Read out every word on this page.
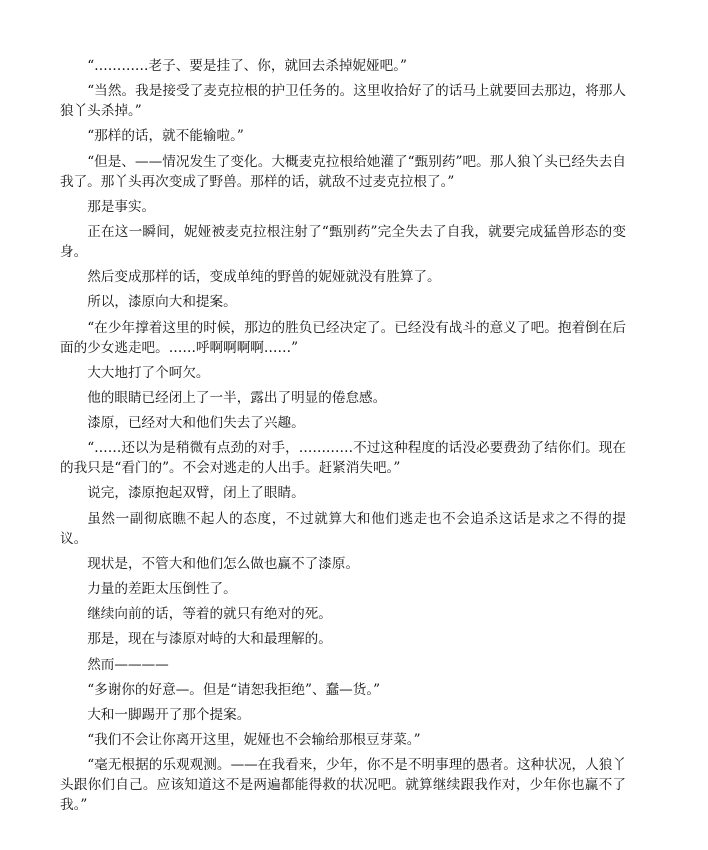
“…………老子、要是挂了、你，就回去杀掉妮娅吧。”

“当然。我是接受了麦克拉根的护卫任务的。这里收拾好了的话马上就要回去那边，将那人狼丫头杀掉。”

“那样的话，就不能输啦。”

“但是、——情况发生了变化。大概麦克拉根给她灌了“甄别药”吧。那人狼丫头已经失去自我了。那丫头再次变成了野兽。那样的话，就敌不过麦克拉根了。”

那是事实。

正在这一瞬间，妮娅被麦克拉根注射了“甄别药”完全失去了自我，就要完成猛兽形态的变身。

然后变成那样的话，变成单纯的野兽的妮娅就没有胜算了。

所以，漆原向大和提案。

“在少年撑着这里的时候，那边的胜负已经决定了。已经没有战斗的意义了吧。抱着倒在后面的少女逃走吧。……呼啊啊啊啊……”

大大地打了个呵欠。

他的眼睛已经闭上了一半，露出了明显的倦怠感。

漆原，已经对大和他们失去了兴趣。

“……还以为是稍微有点劲的对手，…………不过这种程度的话没必要费劲了结你们。现在的我只是“看门的”。不会对逃走的人出手。赶紧消失吧。”

说完，漆原抱起双臂，闭上了眼睛。

虽然一副彻底瞧不起人的态度，不过就算大和他们逃走也不会追杀这话是求之不得的提议。

现状是，不管大和他们怎么做也赢不了漆原。

力量的差距太压倒性了。

继续向前的话，等着的就只有绝对的死。

那是，现在与漆原对峙的大和最理解的。

然而————

“多谢你的好意—。但是“请恕我拒绝”、蠢—货。”

大和一脚踢开了那个提案。

“我们不会让你离开这里，妮娅也不会输给那根豆芽菜。”

“毫无根据的乐观观测。——在我看来，少年，你不是不明事理的愚者。这种状况，人狼丫头跟你们自己。应该知道这不是两遍都能得救的状况吧。就算继续跟我作对，少年你也赢不了我。”
